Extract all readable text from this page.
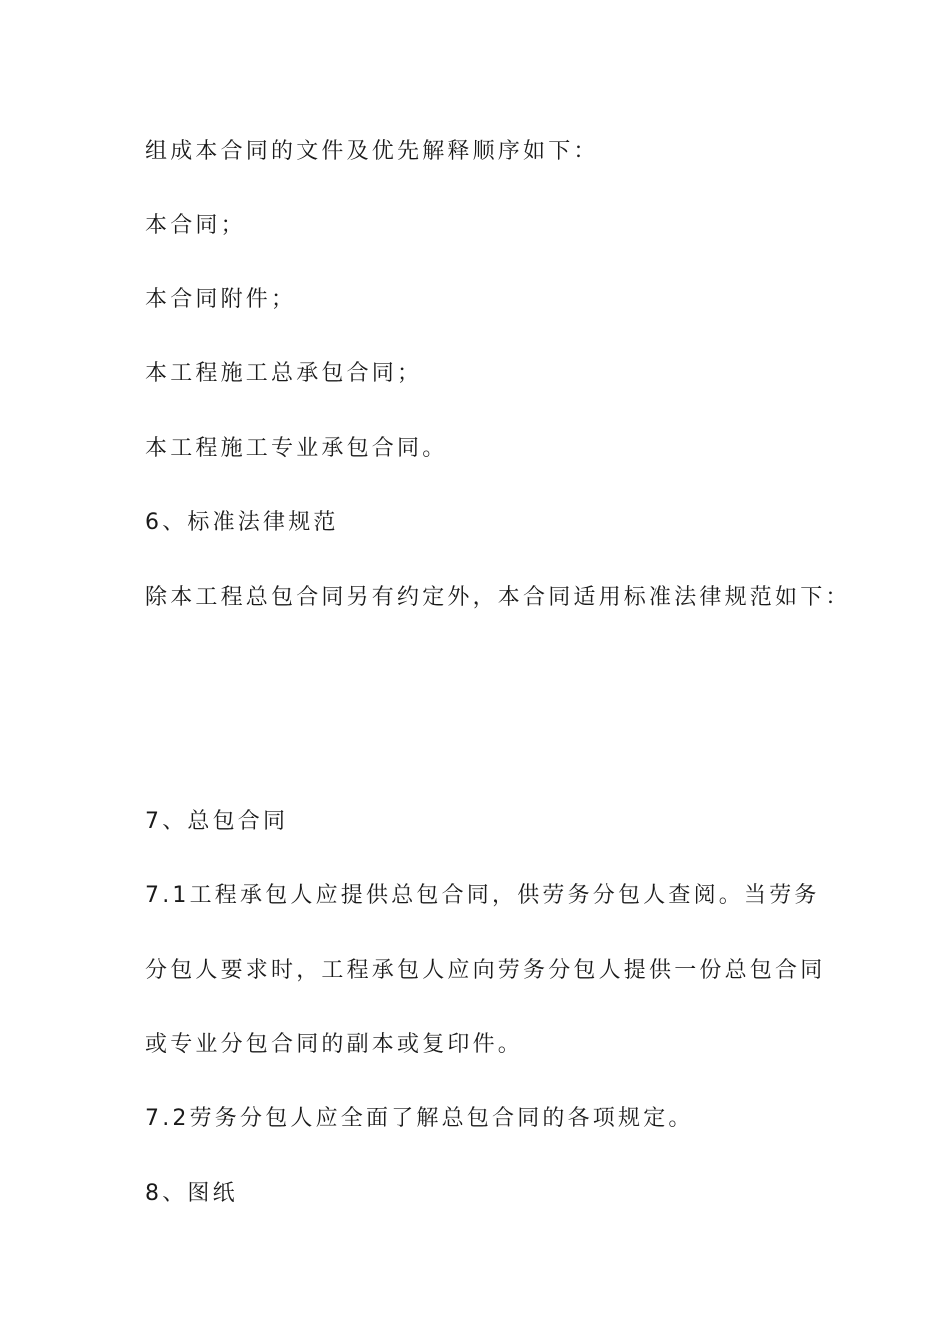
组成本合同的文件及优先解释顺序如下：
本合同；
本合同附件；
本工程施工总承包合同；
本工程施工专业承包合同。
6、标准法律规范
除本工程总包合同另有约定外，本合同适用标准法律规范如下：
7、总包合同
7.1工程承包人应提供总包合同，供劳务分包人查阅。当劳务
分包人要求时，工程承包人应向劳务分包人提供一份总包合同
或专业分包合同的副本或复印件。
7.2劳务分包人应全面了解总包合同的各项规定。
8、图纸
